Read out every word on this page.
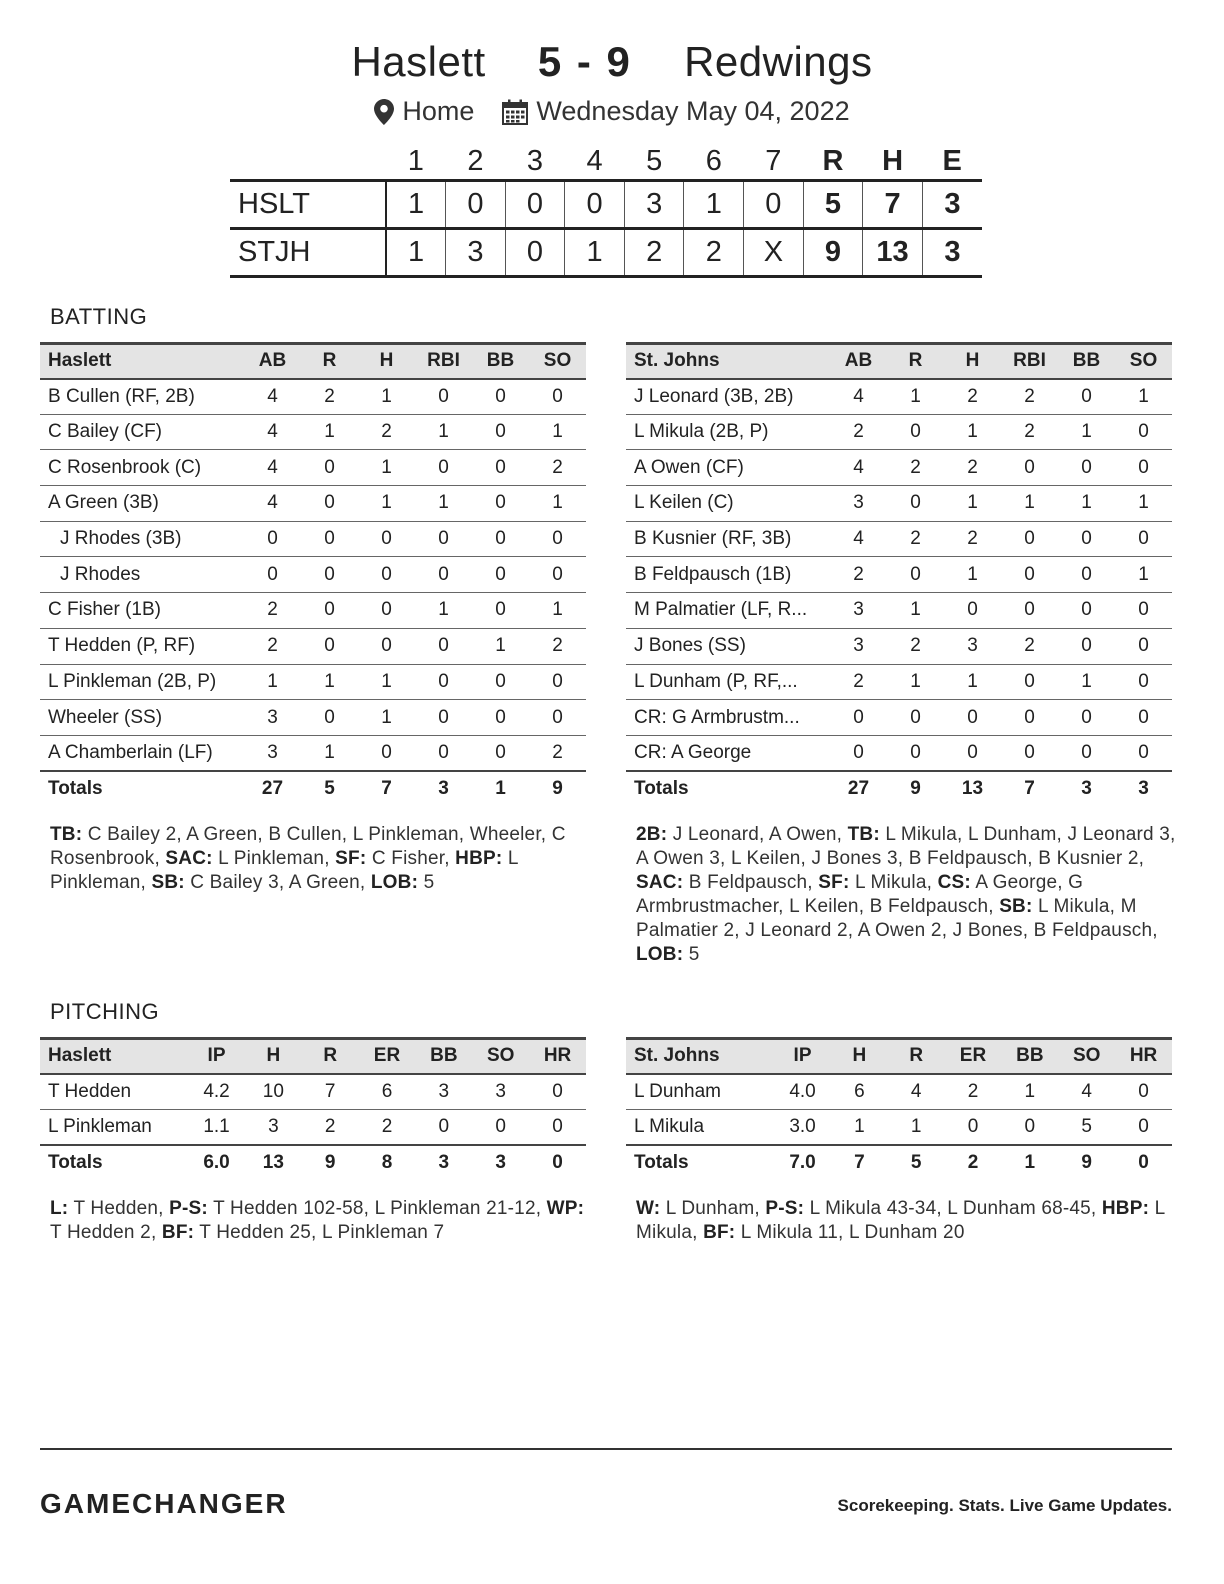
Haslett 5 - 9 Redwings
Home Wednesday May 04, 2022
	1	2	3	4	5	6	7	R	H	E
HSLT	1	0	0	0	3	1	0	5	7	3
STJH	1	3	0	1	2	2	X	9	13	3
BATTING
Haslett	AB	R	H	RBI	BB	SO
B Cullen (RF, 2B)	4	2	1	0	0	0
C Bailey (CF)	4	1	2	1	0	1
C Rosenbrook (C)	4	0	1	0	0	2
A Green (3B)	4	0	1	1	0	1
J Rhodes (3B)	0	0	0	0	0	0
J Rhodes	0	0	0	0	0	0
C Fisher (1B)	2	0	0	1	0	1
T Hedden (P, RF)	2	0	0	0	1	2
L Pinkleman (2B, P)	1	1	1	0	0	0
Wheeler (SS)	3	0	1	0	0	0
A Chamberlain (LF)	3	1	0	0	0	2
Totals	27	5	7	3	1	9
St. Johns	AB	R	H	RBI	BB	SO
J Leonard (3B, 2B)	4	1	2	2	0	1
L Mikula (2B, P)	2	0	1	2	1	0
A Owen (CF)	4	2	2	0	0	0
L Keilen (C)	3	0	1	1	1	1
B Kusnier (RF, 3B)	4	2	2	0	0	0
B Feldpausch (1B)	2	0	1	0	0	1
M Palmatier (LF, R...	3	1	0	0	0	0
J Bones (SS)	3	2	3	2	0	0
L Dunham (P, RF,...	2	1	1	0	1	0
CR: G Armbrustm...	0	0	0	0	0	0
CR: A George	0	0	0	0	0	0
Totals	27	9	13	7	3	3
TB: C Bailey 2, A Green, B Cullen, L Pinkleman, Wheeler, C Rosenbrook, SAC: L Pinkleman, SF: C Fisher, HBP: L Pinkleman, SB: C Bailey 3, A Green, LOB: 5
2B: J Leonard, A Owen, TB: L Mikula, L Dunham, J Leonard 3, A Owen 3, L Keilen, J Bones 3, B Feldpausch, B Kusnier 2, SAC: B Feldpausch, SF: L Mikula, CS: A George, G Armbrustmacher, L Keilen, B Feldpausch, SB: L Mikula, M Palmatier 2, J Leonard 2, A Owen 2, J Bones, B Feldpausch, LOB: 5
PITCHING
Haslett	IP	H	R	ER	BB	SO	HR
T Hedden	4.2	10	7	6	3	3	0
L Pinkleman	1.1	3	2	2	0	0	0
Totals	6.0	13	9	8	3	3	0
St. Johns	IP	H	R	ER	BB	SO	HR
L Dunham	4.0	6	4	2	1	4	0
L Mikula	3.0	1	1	0	0	5	0
Totals	7.0	7	5	2	1	9	0
L: T Hedden, P-S: T Hedden 102-58, L Pinkleman 21-12, WP: T Hedden 2, BF: T Hedden 25, L Pinkleman 7
W: L Dunham, P-S: L Mikula 43-34, L Dunham 68-45, HBP: L Mikula, BF: L Mikula 11, L Dunham 20
GAMECHANGER	Scorekeeping. Stats. Live Game Updates.
